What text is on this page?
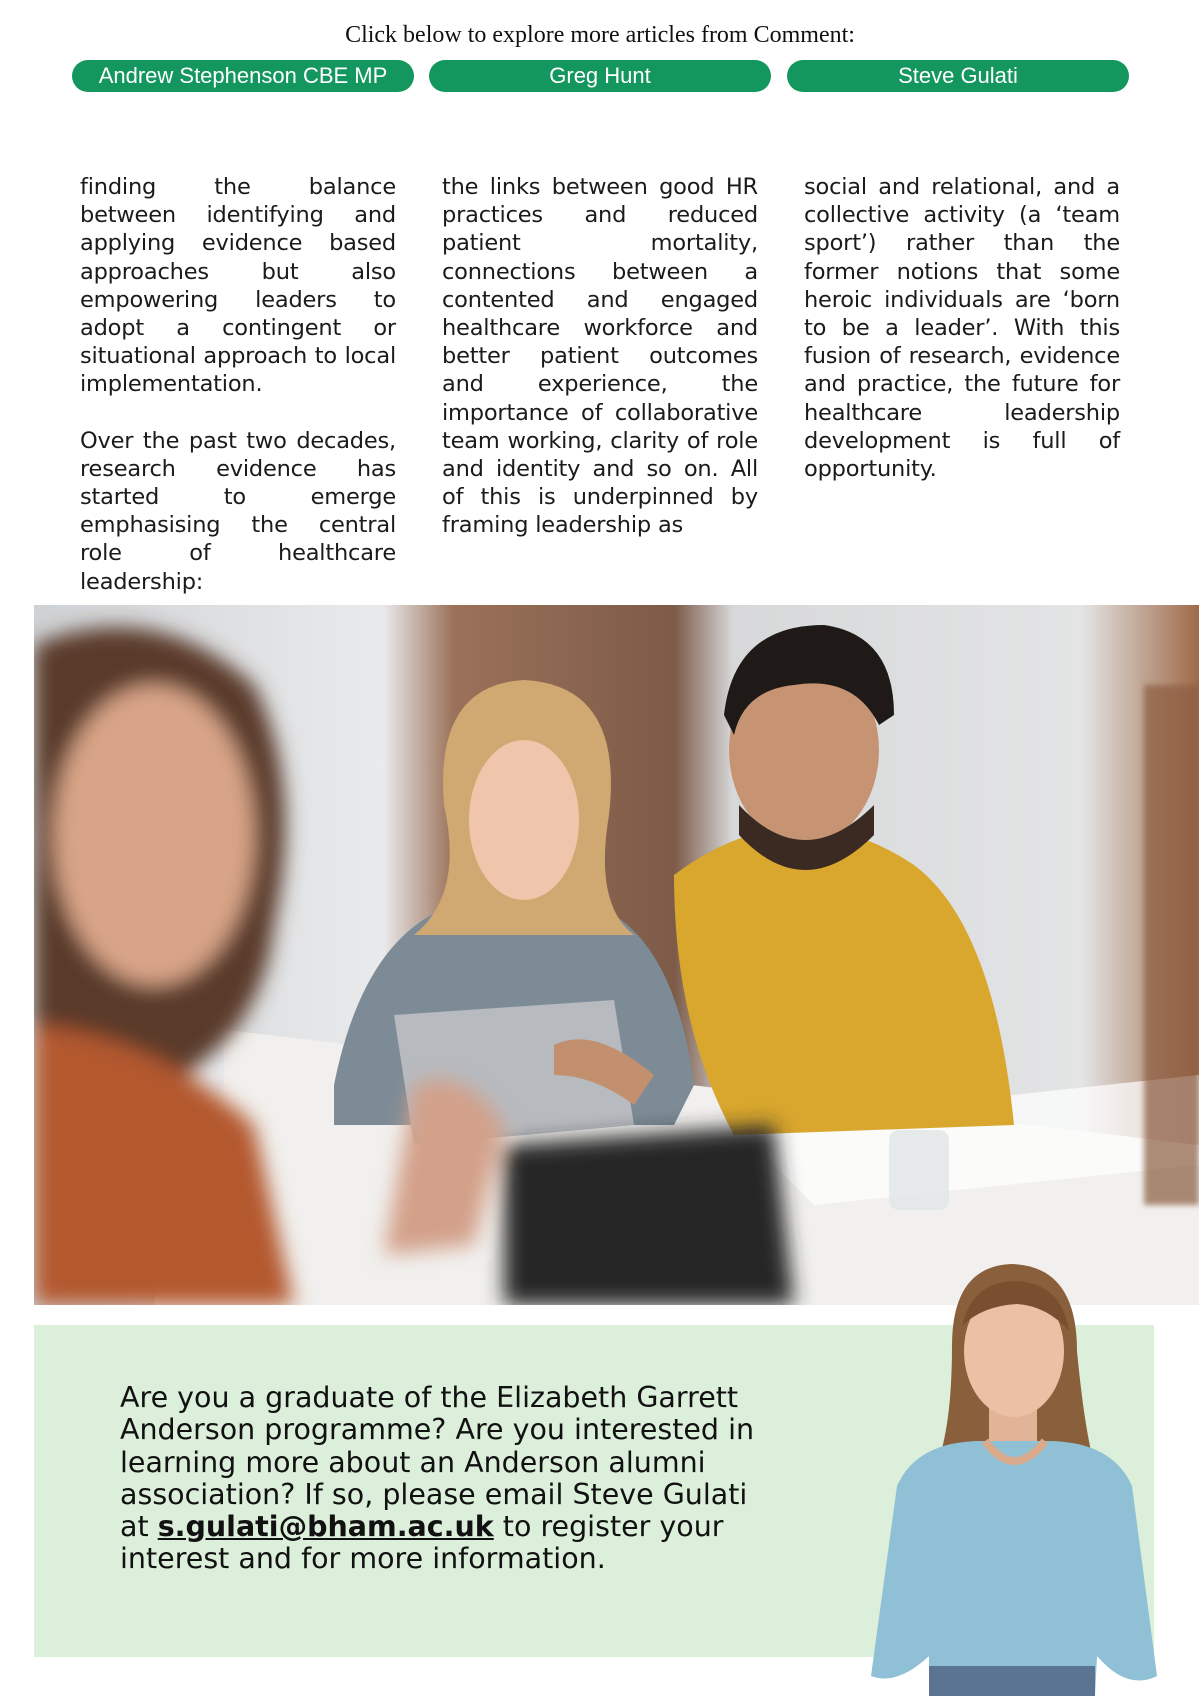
Click below to explore more articles from Comment:
Andrew Stephenson CBE MP	Greg Hunt	Steve Gulati

finding the balance between identifying and applying evidence based approaches but also empowering leaders to adopt a contingent or situational approach to local implementation.

Over the past two decades, research evidence has started to emerge emphasising the central role of healthcare leadership:

the links between good HR practices and reduced patient mortality, connections between a contented and engaged healthcare workforce and better patient outcomes and experience, the importance of collaborative team working, clarity of role and identity and so on. All of this is underpinned by framing leadership as

social and relational, and a collective activity (a ‘team sport’) rather than the former notions that some heroic individuals are ‘born to be a leader’. With this fusion of research, evidence and practice, the future for healthcare leadership development is full of opportunity.

Are you a graduate of the Elizabeth Garrett Anderson programme? Are you interested in learning more about an Anderson alumni association? If so, please email Steve Gulati at s.gulati@bham.ac.uk to register your interest and for more information.
